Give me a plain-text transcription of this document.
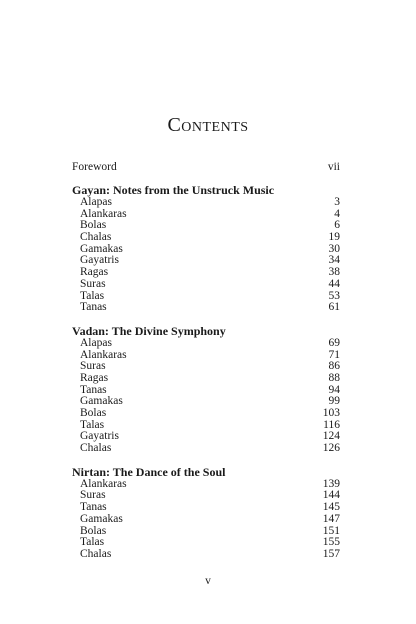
Contents
Foreword	vii
Gayan: Notes from the Unstruck Music
Alapas	3
Alankaras	4
Bolas	6
Chalas	19
Gamakas	30
Gayatris	34
Ragas	38
Suras	44
Talas	53
Tanas	61
Vadan: The Divine Symphony
Alapas	69
Alankaras	71
Suras	86
Ragas	88
Tanas	94
Gamakas	99
Bolas	103
Talas	116
Gayatris	124
Chalas	126
Nirtan: The Dance of the Soul
Alankaras	139
Suras	144
Tanas	145
Gamakas	147
Bolas	151
Talas	155
Chalas	157
v
